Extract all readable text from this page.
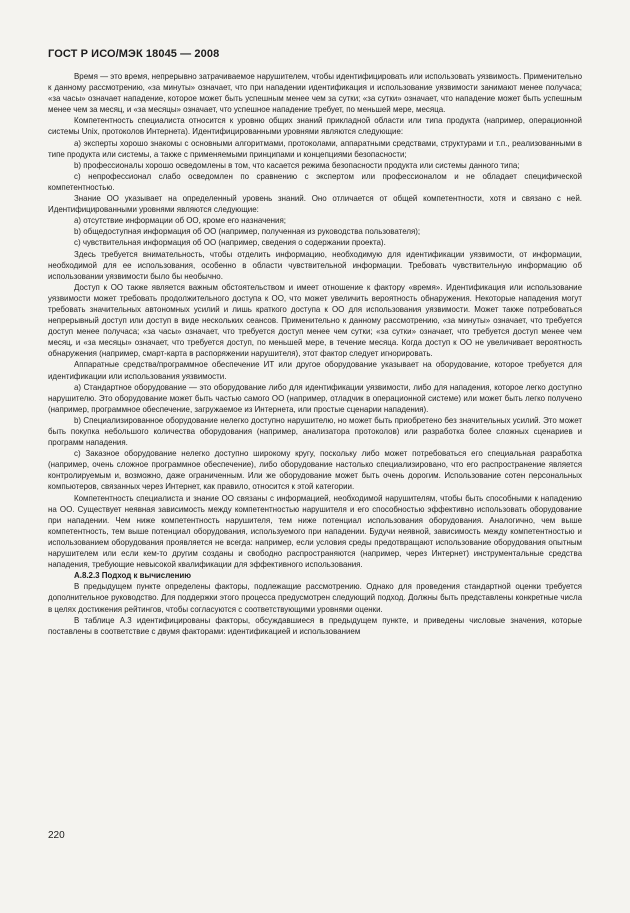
ГОСТ Р ИСО/МЭК 18045 — 2008

Время — это время, непрерывно затрачиваемое нарушителем, чтобы идентифицировать или использовать уязвимость. Применительно к данному рассмотрению, «за минуты» означает, что при нападении идентификация и использование уязвимости занимают менее получаса; «за часы» означает нападение, которое может быть успешным менее чем за сутки; «за сутки» означает, что нападение может быть успешным менее чем за месяц, и «за месяцы» означает, что успешное нападение требует, по меньшей мере, месяца.

Компетентность специалиста относится к уровню общих знаний прикладной области или типа продукта (например, операционной системы Unix, протоколов Интернета). Идентифицированными уровнями являются следующие:

a) эксперты хорошо знакомы с основными алгоритмами, протоколами, аппаратными средствами, структурами и т.п., реализованными в типе продукта или системы, а также с применяемыми принципами и концепциями безопасности;

b) профессионалы хорошо осведомлены в том, что касается режима безопасности продукта или системы данного типа;

c) непрофессионал слабо осведомлен по сравнению с экспертом или профессионалом и не обладает специфической компетентностью.

Знание ОО указывает на определенный уровень знаний. Оно отличается от общей компетентности, хотя и связано с ней. Идентифицированными уровнями являются следующие:

a) отсутствие информации об ОО, кроме его назначения;

b) общедоступная информация об ОО (например, полученная из руководства пользователя);

c) чувствительная информация об ОО (например, сведения о содержании проекта).

Здесь требуется внимательность, чтобы отделить информацию, необходимую для идентификации уязвимости, от информации, необходимой для ее использования, особенно в области чувствительной информации. Требовать чувствительную информацию об использовании уязвимости было бы необычно.

Доступ к ОО также является важным обстоятельством и имеет отношение к фактору «время». Идентификация или использование уязвимости может требовать продолжительного доступа к ОО, что может увеличить вероятность обнаружения. Некоторые нападения могут требовать значительных автономных усилий и лишь краткого доступа к ОО для использования уязвимости. Может также потребоваться непрерывный доступ или доступ в виде нескольких сеансов. Применительно к данному рассмотрению, «за минуты» означает, что требуется доступ менее получаса; «за часы» означает, что требуется доступ менее чем сутки; «за сутки» означает, что требуется доступ менее чем месяц, и «за месяцы» означает, что требуется доступ, по меньшей мере, в течение месяца. Когда доступ к ОО не увеличивает вероятность обнаружения (например, смарт-карта в распоряжении нарушителя), этот фактор следует игнорировать.

Аппаратные средства/программное обеспечение ИТ или другое оборудование указывает на оборудование, которое требуется для идентификации или использования уязвимости.

a) Стандартное оборудование — это оборудование либо для идентификации уязвимости, либо для нападения, которое легко доступно нарушителю. Это оборудование может быть частью самого ОО (например, отладчик в операционной системе) или может быть легко получено (например, программное обеспечение, загружаемое из Интернета, или простые сценарии нападения).

b) Специализированное оборудование нелегко доступно нарушителю, но может быть приобретено без значительных усилий. Это может быть покупка небольшого количества оборудования (например, анализатора протоколов) или разработка более сложных сценариев и программ нападения.

c) Заказное оборудование нелегко доступно широкому кругу, поскольку либо может потребоваться его специальная разработка (например, очень сложное программное обеспечение), либо оборудование настолько специализировано, что его распространение является контролируемым и, возможно, даже ограниченным. Или же оборудование может быть очень дорогим. Использование сотен персональных компьютеров, связанных через Интернет, как правило, относится к этой категории.

Компетентность специалиста и знание ОО связаны с информацией, необходимой нарушителям, чтобы быть способными к нападению на ОО. Существует неявная зависимость между компетентностью нарушителя и его способностью эффективно использовать оборудование при нападении. Чем ниже компетентность нарушителя, тем ниже потенциал использования оборудования. Аналогично, чем выше компетентность, тем выше потенциал оборудования, используемого при нападении. Будучи неявной, зависимость между компетентностью и использованием оборудования проявляется не всегда: например, если условия среды предотвращают использование оборудования опытным нарушителем или если кем-то другим созданы и свободно распространяются (например, через Интернет) инструментальные средства нападения, требующие невысокой квалификации для эффективного использования.

А.8.2.3 Подход к вычислению

В предыдущем пункте определены факторы, подлежащие рассмотрению. Однако для проведения стандартной оценки требуется дополнительное руководство. Для поддержки этого процесса предусмотрен следующий подход. Должны быть представлены конкретные числа в целях достижения рейтингов, чтобы согласуются с соответствующими уровнями оценки.

В таблице А.3 идентифицированы факторы, обсуждавшиеся в предыдущем пункте, и приведены числовые значения, которые поставлены в соответствие с двумя факторами: идентификацией и использованием

220
